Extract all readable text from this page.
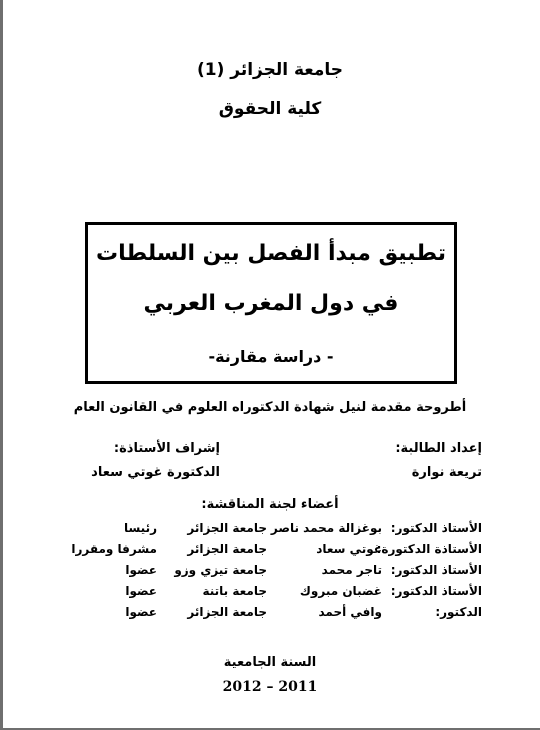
جامعة الجزائر (1)
كلية الحقوق
تطبيق مبدأ الفصل بين السلطات
في دول المغرب العربي
- دراسة مقارنة-
أطروحة مقدمة لنيل شهادة الدكتوراه العلوم في القانون العام
إعداد الطالبة:
تريعة نوارة
إشراف الأستاذة:
الدكتورة غوتي سعاد
أعضاء لجنة المناقشة:
الأستاذ الدكتور:
بوغزالة محمد ناصر
جامعة الجزائر
رئيسا
الأستاذة الدكتورة:
غوتي سعاد
جامعة الجزائر
مشرفا ومقررا
الأستاذ الدكتور:
تاجر محمد
جامعة تيزي وزو
عضوا
الأستاذ الدكتور:
غضبان مبروك
جامعة باتنة
عضوا
الدكتور:
وافي أحمد
جامعة الجزائر
عضوا
السنة الجامعية
2012 – 2011
